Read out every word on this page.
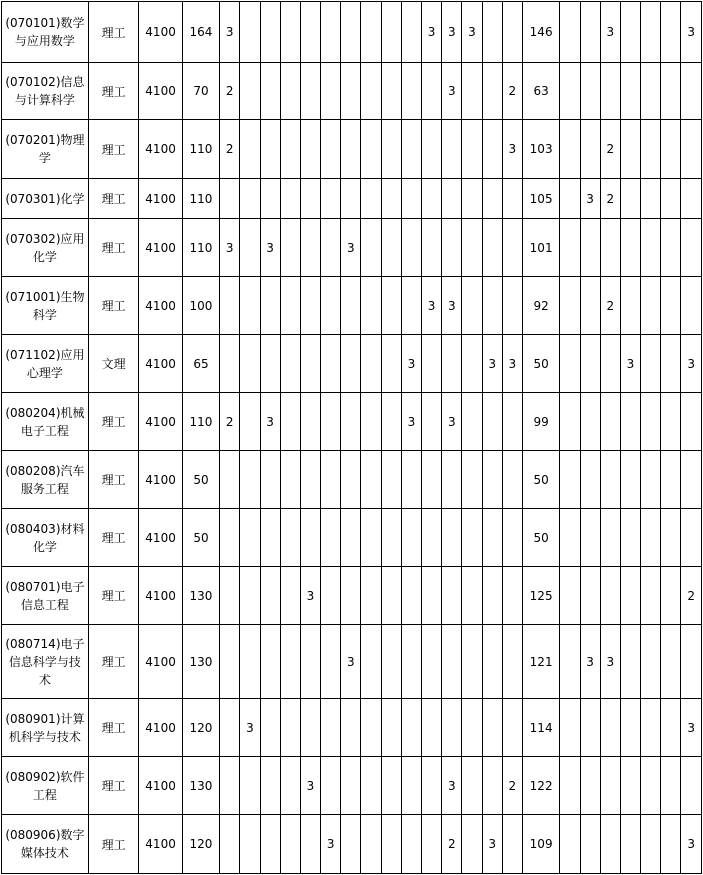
(070101)数学与应用数学	理工	4100	164	3										3	3	3			146			3				3
(070102)信息与计算科学	理工	4100	70	2											3			2	63							
(070201)物理学	理工	4100	110	2														3	103			2				
(070301)化学	理工	4100	110																105		3	2				
(070302)应用化学	理工	4100	110	3		3				3									101							
(071001)生物科学	理工	4100	100											3	3				92			2				
(071102)应用心理学	文理	4100	65										3				3	3	50				3			3
(080204)机械电子工程	理工	4100	110	2		3							3		3				99							
(080208)汽车服务工程	理工	4100	50																50							
(080403)材料化学	理工	4100	50																50							
(080701)电子信息工程	理工	4100	130					3											125							2
(080714)电子信息科学与技术	理工	4100	130							3									121		3	3				
(080901)计算机科学与技术	理工	4100	120		3														114							3
(080902)软件工程	理工	4100	130					3							3			2	122							
(080906)数字媒体技术	理工	4100	120						3						2		3		109							3
